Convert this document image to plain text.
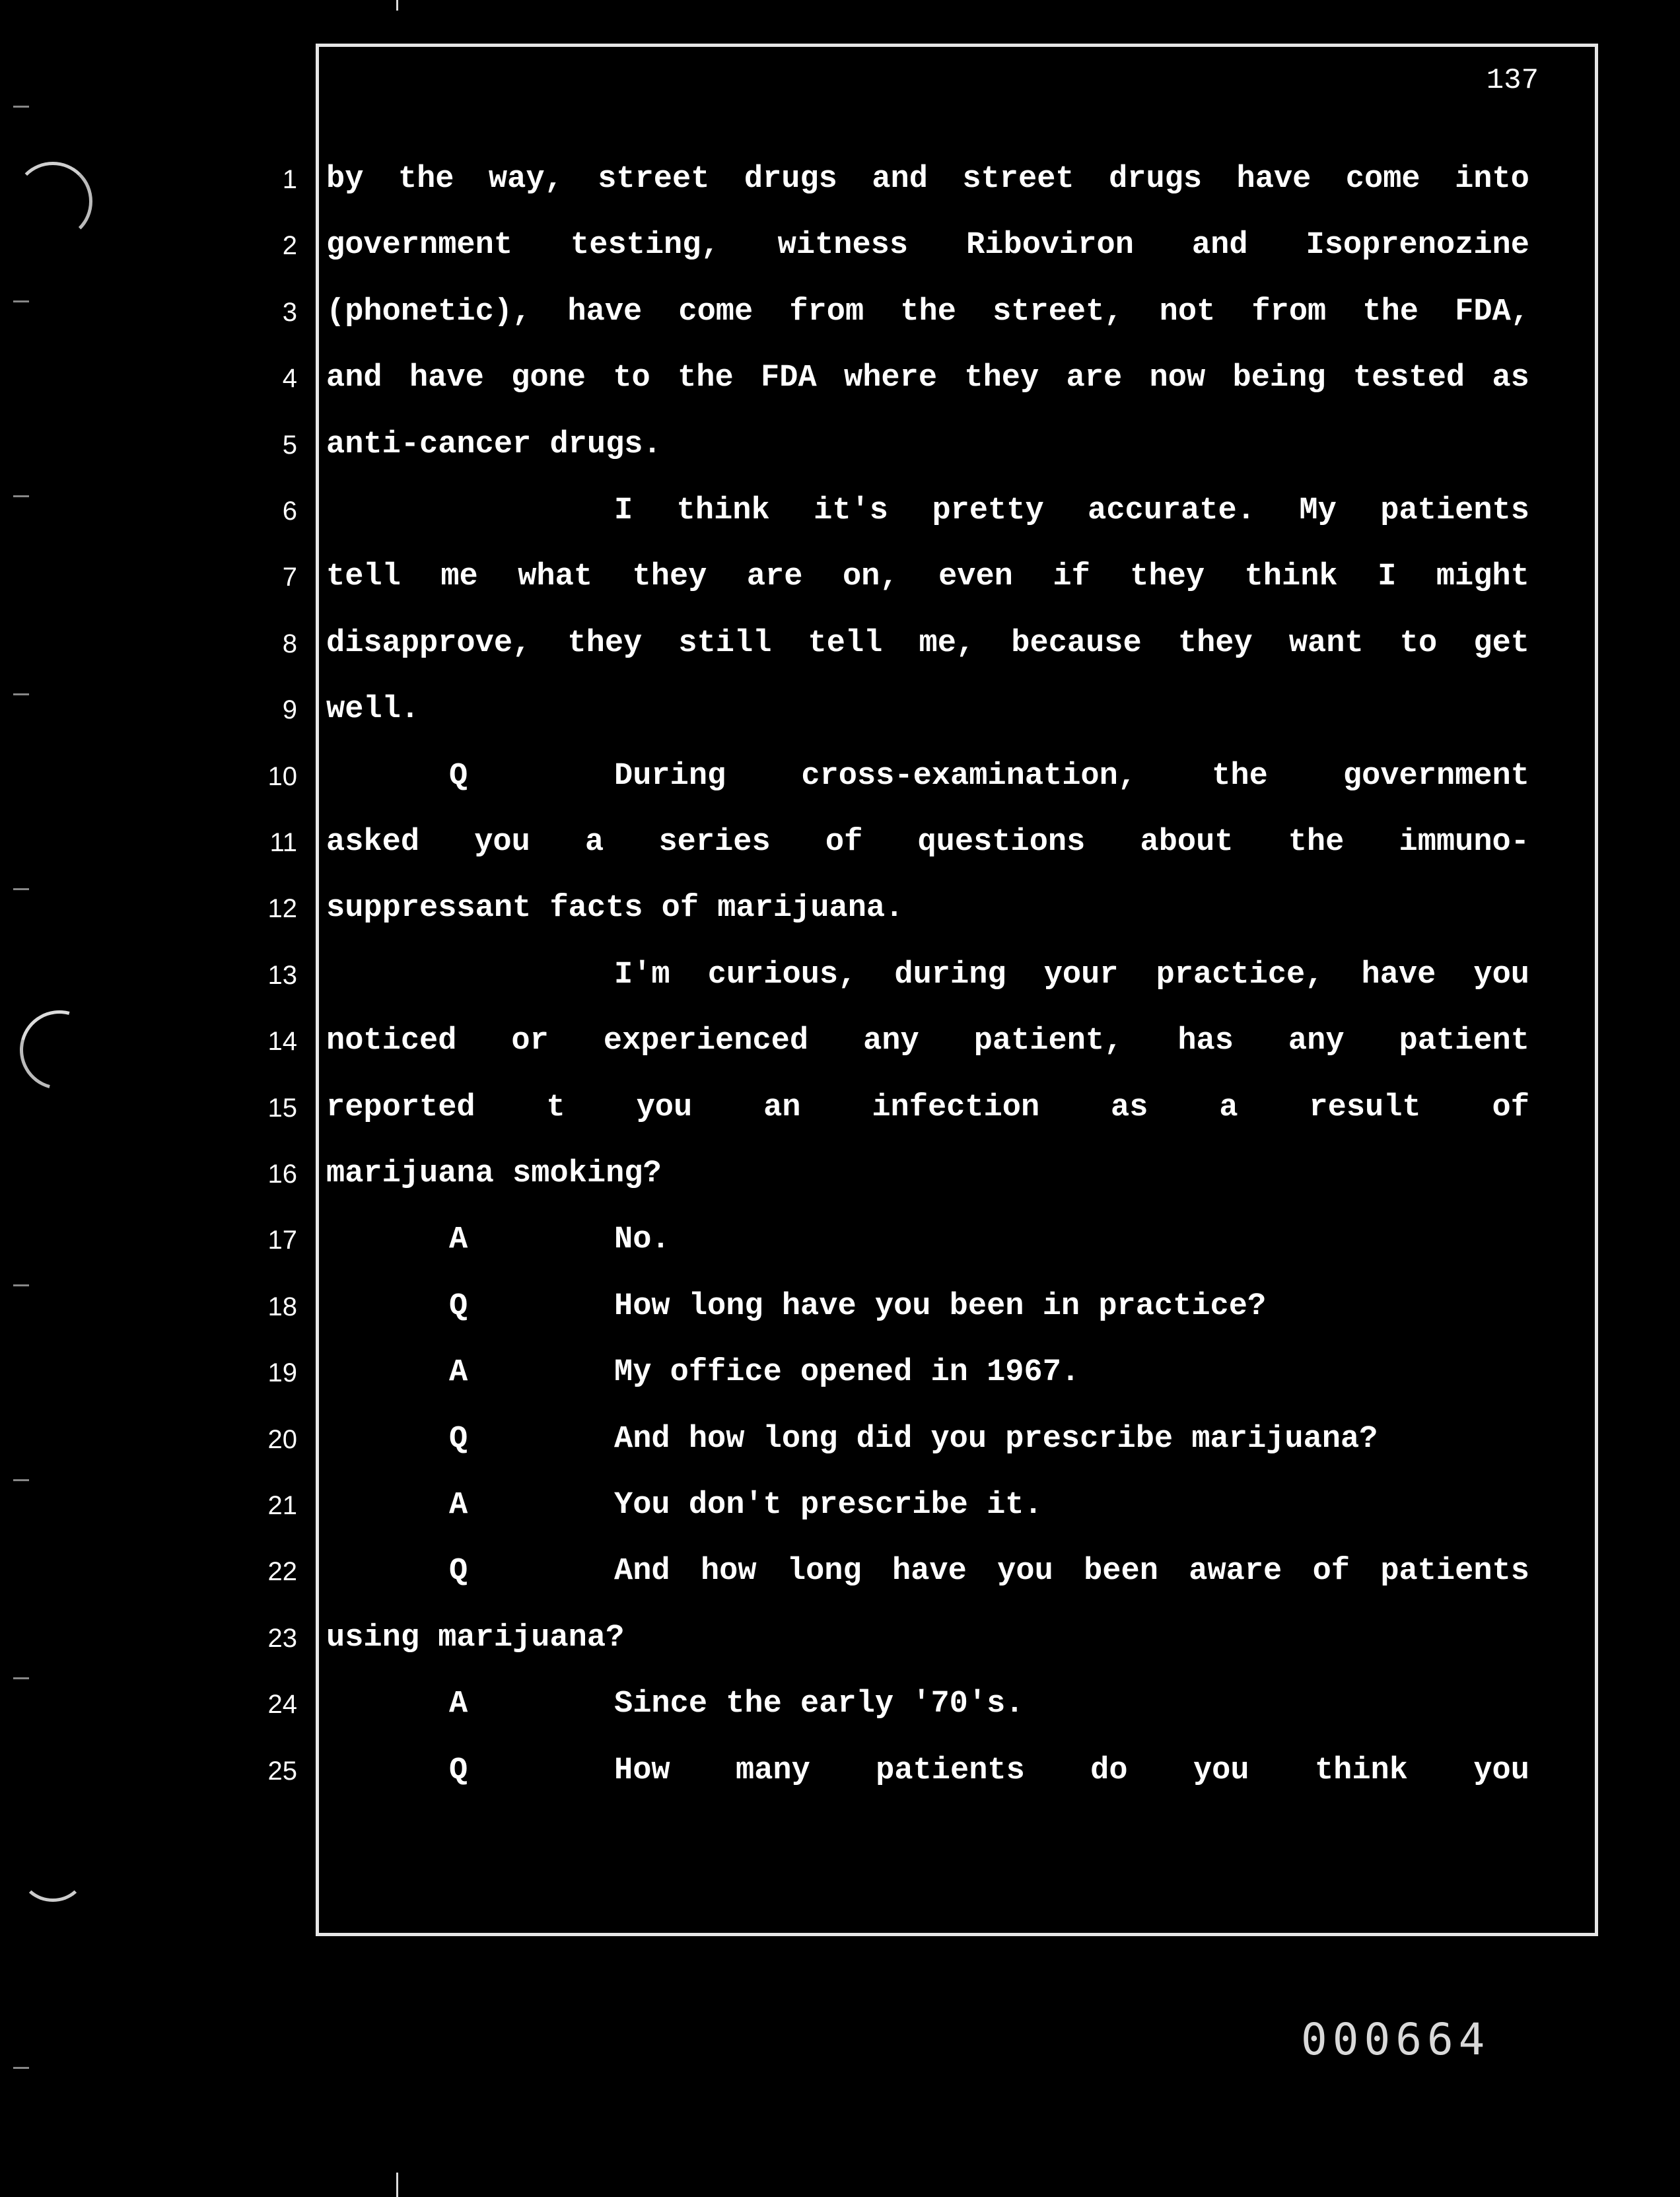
137
1 by the way, street drugs and street drugs have come into
2 government testing, witness Riboviron and Isoprenozine
3 (phonetic), have come from the street, not from the FDA,
4 and have gone to the FDA where they are now being tested as
5 anti-cancer drugs.
6	I think it's pretty accurate. My patients
7 tell me what they are on, even if they think I might
8 disapprove, they still tell me, because they want to get
9 well.
10	Q	During cross-examination, the government
11 asked you a series of questions about the immuno-
12 suppressant facts of marijuana.
13	I'm curious, during your practice, have you
14 noticed or experienced any patient, has any patient
15 reported t you an infection as a result of
16 marijuana smoking?
17	A	No.
18	Q	How long have you been in practice?
19	A	My office opened in 1967.
20	Q	And how long did you prescribe marijuana?
21	A	You don't prescribe it.
22	Q	And how long have you been aware of patients
23 using marijuana?
24	A	Since the early '70's.
25	Q	How many patients do you think you
000664
